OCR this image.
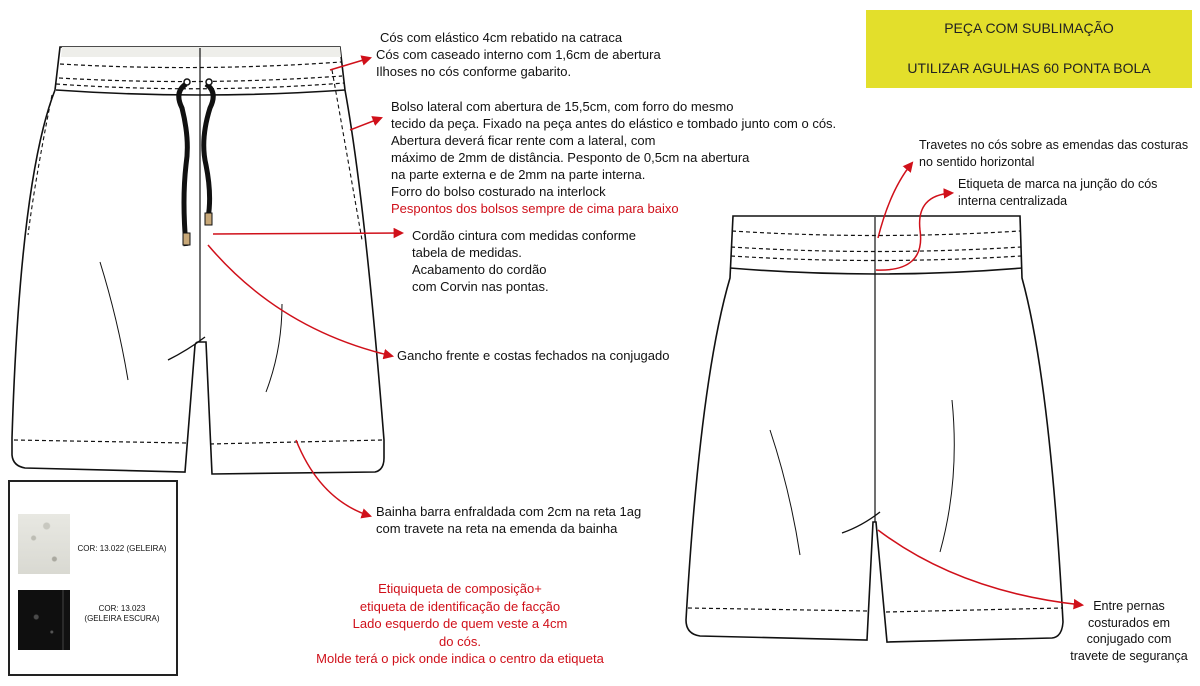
PEÇA COM SUBLIMAÇÃO
UTILIZAR AGULHAS 60 PONTA BOLA
Cós com elástico 4cm rebatido na catraca
Cós com caseado interno com 1,6cm de abertura
Ilhoses no cós conforme gabarito.
Bolso lateral com abertura de 15,5cm, com forro do mesmo
tecido da peça. Fixado na peça antes do elástico e tombado junto com o cós.
Abertura deverá ficar rente com a lateral, com
máximo de 2mm de distância. Pesponto de 0,5cm na abertura
na parte externa e de 2mm na parte interna.
Forro do bolso costurado na interlock
Pespontos dos bolsos sempre de cima para baixo
Cordão cintura com medidas conforme
tabela de medidas.
Acabamento do cordão
com Corvin nas pontas.
Gancho frente e costas fechados na conjugado
Bainha barra enfraldada com 2cm na reta 1ag
com travete na reta na emenda da bainha
Travetes no cós sobre as emendas das costuras
no sentido horizontal
Etiqueta de marca na junção do cós
interna centralizada
Entre pernas
costurados em
conjugado com
travete de segurança
Etiquiqueta de composição+
etiqueta de identificação de facção
Lado esquerdo de quem veste a 4cm
do cós.
Molde terá o pick onde indica o centro da etiqueta
COR: 13.022 (GELEIRA)
COR: 13.023
(GELEIRA ESCURA)
